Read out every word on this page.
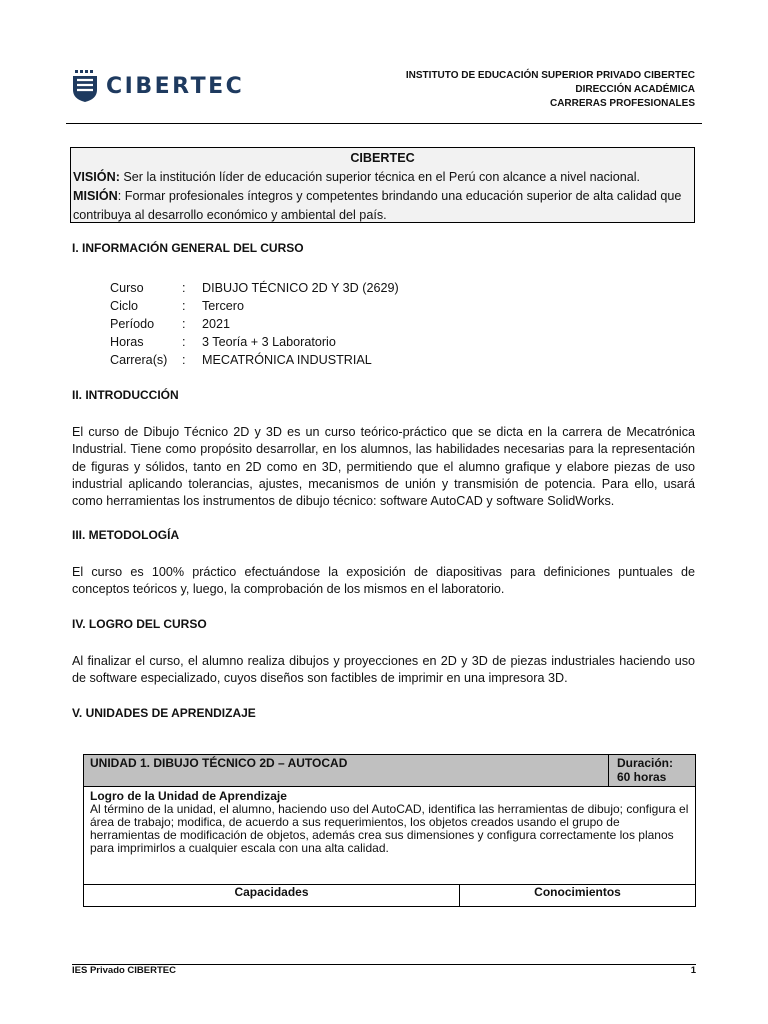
CIBERTEC	INSTITUTO DE EDUCACIÓN SUPERIOR PRIVADO CIBERTEC
DIRECCIÓN ACADÉMICA
CARRERAS PROFESIONALES
CIBERTEC
VISIÓN: Ser la institución líder de educación superior técnica en el Perú con alcance a nivel nacional.
MISIÓN: Formar profesionales íntegros y competentes brindando una educación superior de alta calidad que contribuya al desarrollo económico y ambiental del país.
I. INFORMACIÓN GENERAL DEL CURSO
Curso	:	DIBUJO TÉCNICO 2D Y 3D (2629)
Ciclo	:	Tercero
Período	:	2021
Horas	:	3 Teoría + 3 Laboratorio
Carrera(s)	:	MECATRÓNICA INDUSTRIAL
II. INTRODUCCIÓN
El curso de Dibujo Técnico 2D y 3D es un curso teórico-práctico que se dicta en la carrera de Mecatrónica Industrial. Tiene como propósito desarrollar, en los alumnos, las habilidades necesarias para la representación de figuras y sólidos, tanto en 2D como en 3D, permitiendo que el alumno grafique y elabore piezas de uso industrial aplicando tolerancias, ajustes, mecanismos de unión y transmisión de potencia. Para ello, usará como herramientas los instrumentos de dibujo técnico: software AutoCAD y software SolidWorks.
III. METODOLOGÍA
El curso es 100% práctico efectuándose la exposición de diapositivas para definiciones puntuales de conceptos teóricos y, luego, la comprobación de los mismos en el laboratorio.
IV. LOGRO DEL CURSO
Al finalizar el curso, el alumno realiza dibujos y proyecciones en 2D y 3D de piezas industriales haciendo uso de software especializado, cuyos diseños son factibles de imprimir en una impresora 3D.
V. UNIDADES DE APRENDIZAJE
UNIDAD 1. DIBUJO TÉCNICO 2D – AUTOCAD	Duración:
60 horas
Logro de la Unidad de Aprendizaje
Al término de la unidad, el alumno, haciendo uso del AutoCAD, identifica las herramientas de dibujo; configura el área de trabajo; modifica, de acuerdo a sus requerimientos, los objetos creados usando el grupo de herramientas de modificación de objetos, además crea sus dimensiones y configura correctamente los planos para imprimirlos a cualquier escala con una alta calidad.
Capacidades	Conocimientos
IES Privado CIBERTEC	1
